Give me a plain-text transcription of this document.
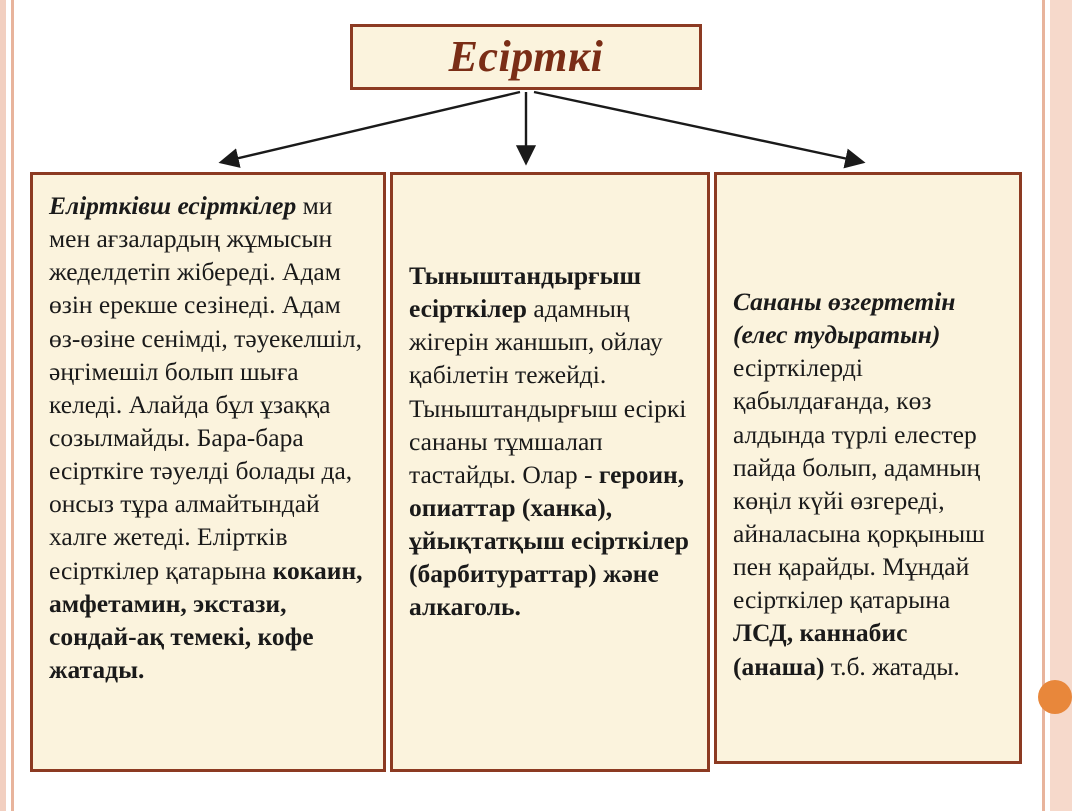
Есірткі
Еліртківш есірткілер ми мен ағзалардың жұмысын жеделдетіп жібереді. Адам өзін ерекше сезінеді. Адам өз-өзіне сенімді, тәуекелшіл, әңгімешіл болып шыға келеді. Алайда бұл ұзаққа созылмайды. Бара-бара есірткіге тәуелді болады да, онсыз тұра алмайтындай халге жетеді. Еліртків есірткілер қатарына кокаин, амфетамин, экстази, сондай-ақ темекі, кофе жатады.
Тыныштандырғыш есірткілер адамның жігерін жаншып, ойлау қабілетін тежейді. Тыныштандырғыш есіркі сананы тұмшалап тастайды. Олар - героин, опиаттар (ханка), ұйықтатқыш есірткілер (барбитураттар) және алкаголь.
Сананы өзгертетін (елес тудыратын) есірткілерді қабылдағанда, көз алдында түрлі елестер пайда болып, адамның көңіл күйі өзгереді, айналасына қорқыныш пен қарайды. Мұндай есірткілер қатарына ЛСД, каннабис (анаша) т.б. жатады.
